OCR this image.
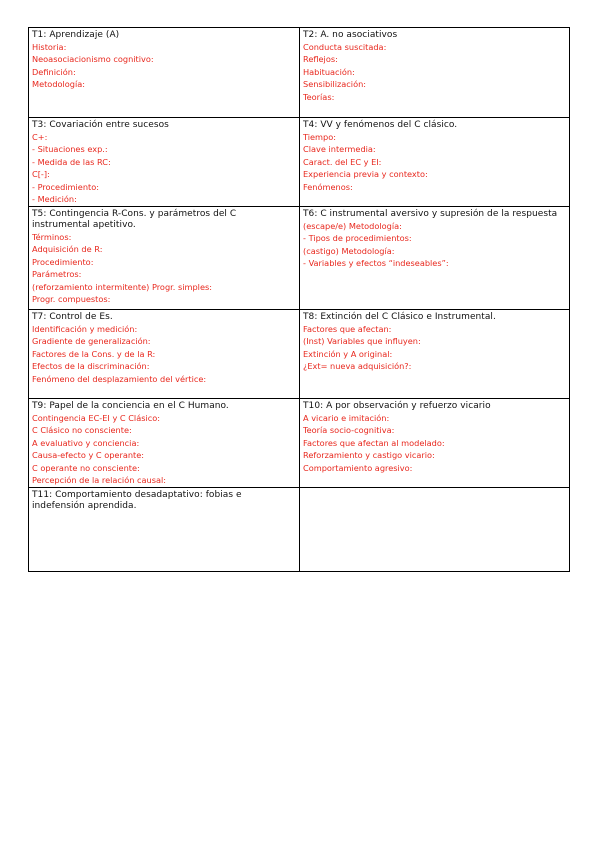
T1: Aprendizaje (A)
Historia:
Neoasociacionismo cognitivo:
Definición:
Metodología:
T2: A. no asociativos
Conducta suscitada:
Reflejos:
Habituación:
Sensibilización:
Teorías:
T3: Covariación entre sucesos
C+:
- Situaciones exp.:
- Medida de las RC:
C[-]:
- Procedimiento:
- Medición:
T4: VV y fenómenos del C clásico.
Tiempo:
Clave intermedia:
Caract. del EC y EI:
Experiencia previa y contexto:
Fenómenos:
T5: Contingencia R-Cons. y parámetros del C instrumental apetitivo.
Términos:
Adquisición de R:
Procedimiento:
Parámetros:
(reforzamiento intermitente) Progr. simples:
Progr. compuestos:
T6: C instrumental aversivo y supresión de la respuesta
(escape/e) Metodología:
- Tipos de procedimientos:
(castigo) Metodología:
- Variables y efectos “indeseables”:
T7: Control de Es.
Identificación y medición:
Gradiente de generalización:
Factores de la Cons. y de la R:
Efectos de la discriminación:
Fenómeno del desplazamiento del vértice:
T8: Extinción del C Clásico e Instrumental.
Factores que afectan:
(Inst) Variables que influyen:
Extinción y A original:
¿Ext= nueva adquisición?:
T9: Papel de la conciencia en el C Humano.
Contingencia EC-EI y C Clásico:
C Clásico no consciente:
A evaluativo y conciencia:
Causa-efecto y C operante:
C operante no consciente:
Percepción de la relación causal:
T10: A por observación y refuerzo vicario
A vicario e imitación:
Teoría socio-cognitiva:
Factores que afectan al modelado:
Reforzamiento y castigo vicario:
Comportamiento agresivo:
T11: Comportamiento desadaptativo: fobias e indefensión aprendida.
